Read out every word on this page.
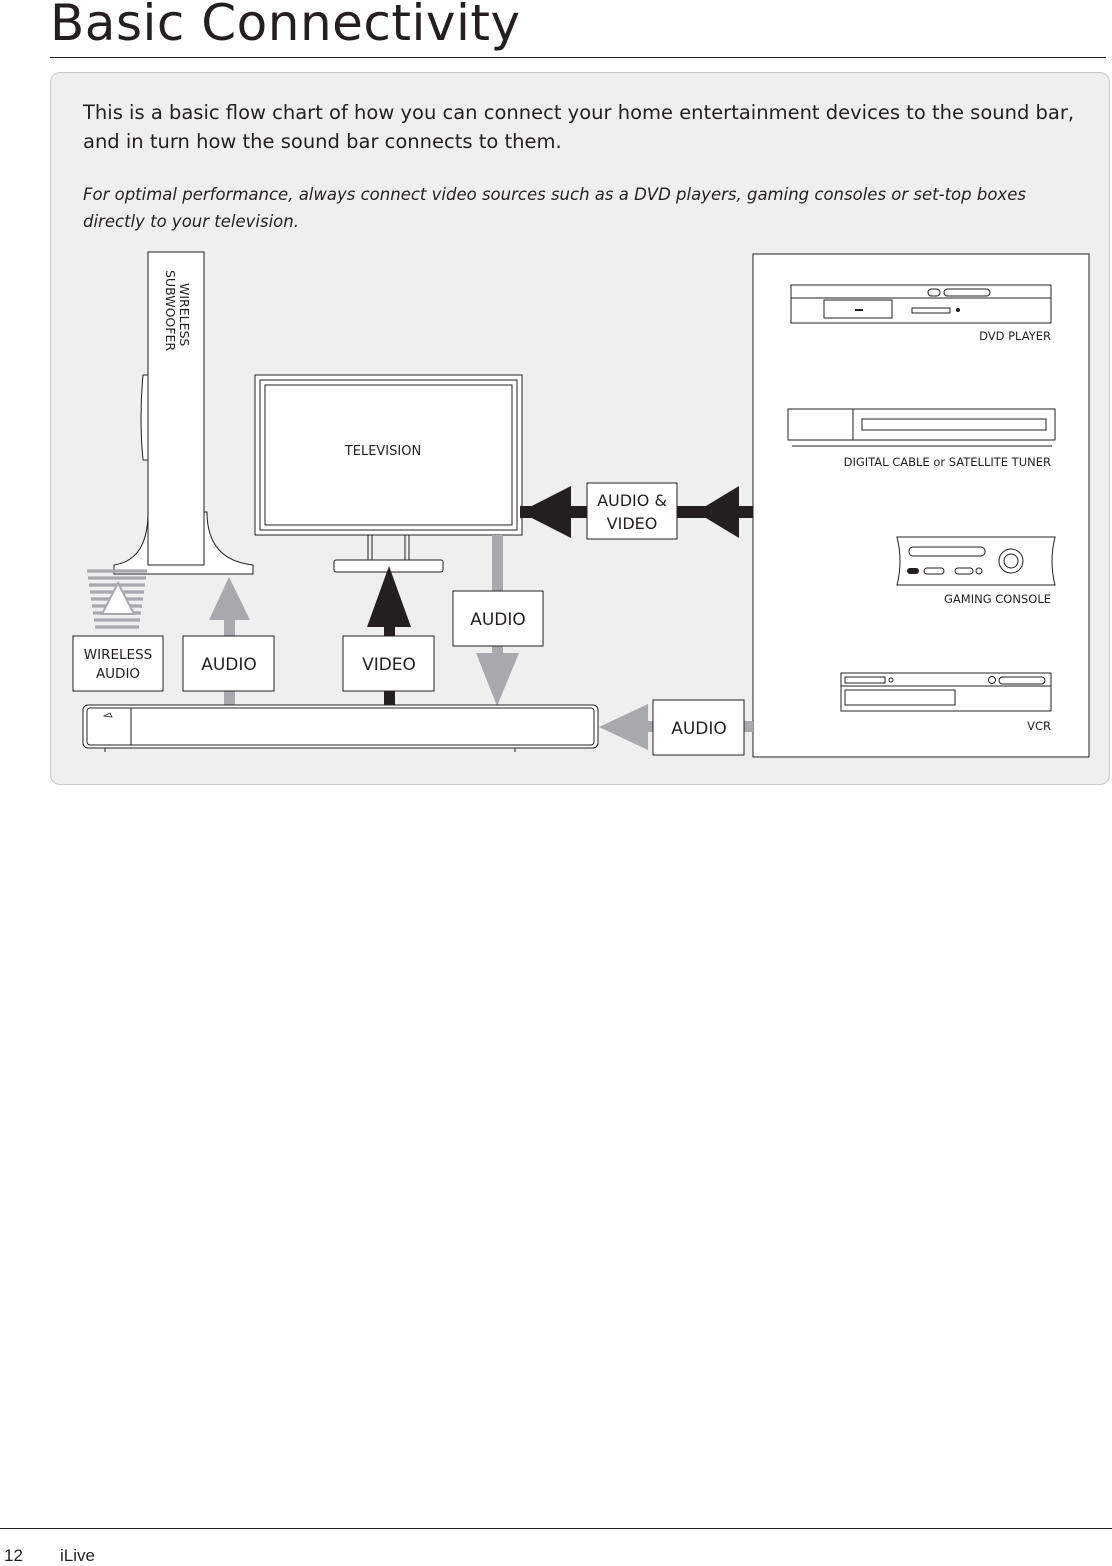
Basic Connectivity
This is a basic flow chart of how you can connect your home entertainment devices to the sound bar, and in turn how the sound bar connects to them.
For optimal performance, always connect video sources such as a DVD players, gaming consoles or set-top boxes directly to your television.
DVD PLAYER
DIGITAL CABLE or SATELLITE TUNER
GAMING CONSOLE
VCR
WIRELESS
SUBWOOFER
TELEVISION
AUDIO &
VIDEO
WIRELESS
AUDIO	AUDIO	VIDEO
AUDIO
AUDIO
12 iLive
